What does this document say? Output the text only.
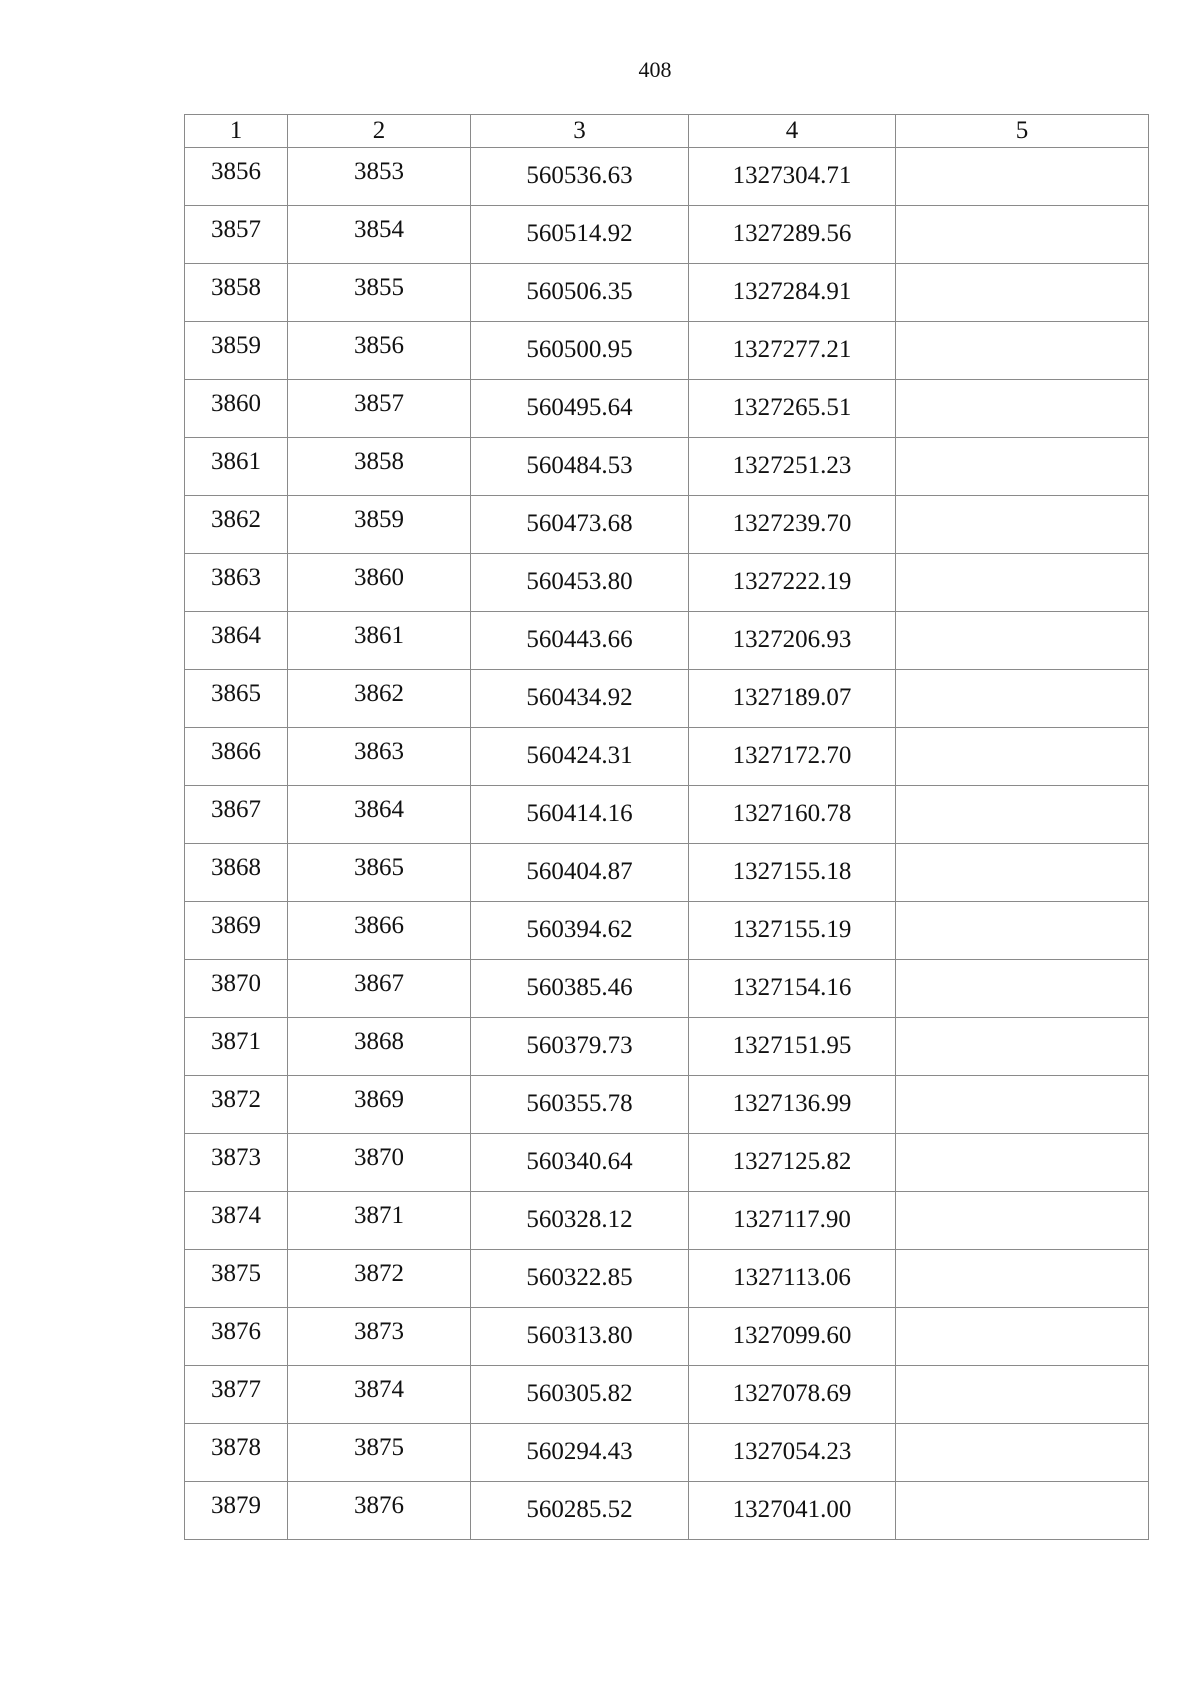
408
1	2	3	4	5
3856	3853	560536.63	1327304.71	
3857	3854	560514.92	1327289.56	
3858	3855	560506.35	1327284.91	
3859	3856	560500.95	1327277.21	
3860	3857	560495.64	1327265.51	
3861	3858	560484.53	1327251.23	
3862	3859	560473.68	1327239.70	
3863	3860	560453.80	1327222.19	
3864	3861	560443.66	1327206.93	
3865	3862	560434.92	1327189.07	
3866	3863	560424.31	1327172.70	
3867	3864	560414.16	1327160.78	
3868	3865	560404.87	1327155.18	
3869	3866	560394.62	1327155.19	
3870	3867	560385.46	1327154.16	
3871	3868	560379.73	1327151.95	
3872	3869	560355.78	1327136.99	
3873	3870	560340.64	1327125.82	
3874	3871	560328.12	1327117.90	
3875	3872	560322.85	1327113.06	
3876	3873	560313.80	1327099.60	
3877	3874	560305.82	1327078.69	
3878	3875	560294.43	1327054.23	
3879	3876	560285.52	1327041.00	
